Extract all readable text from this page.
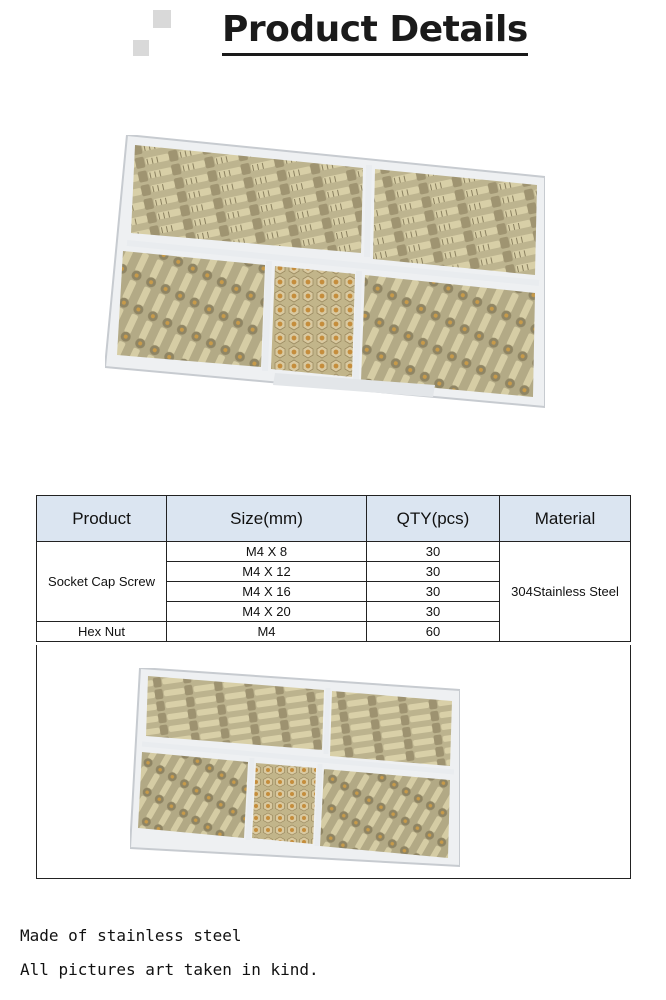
Product Details
Product	Size(mm)	QTY(pcs)	Material
Socket Cap Screw	M4 X 8	30	304Stainless Steel
	M4 X 12	30	
	M4 X 16	30	
	M4 X 20	30	
Hex Nut	M4	60	
Made of stainless steel
All pictures art taken in kind.
